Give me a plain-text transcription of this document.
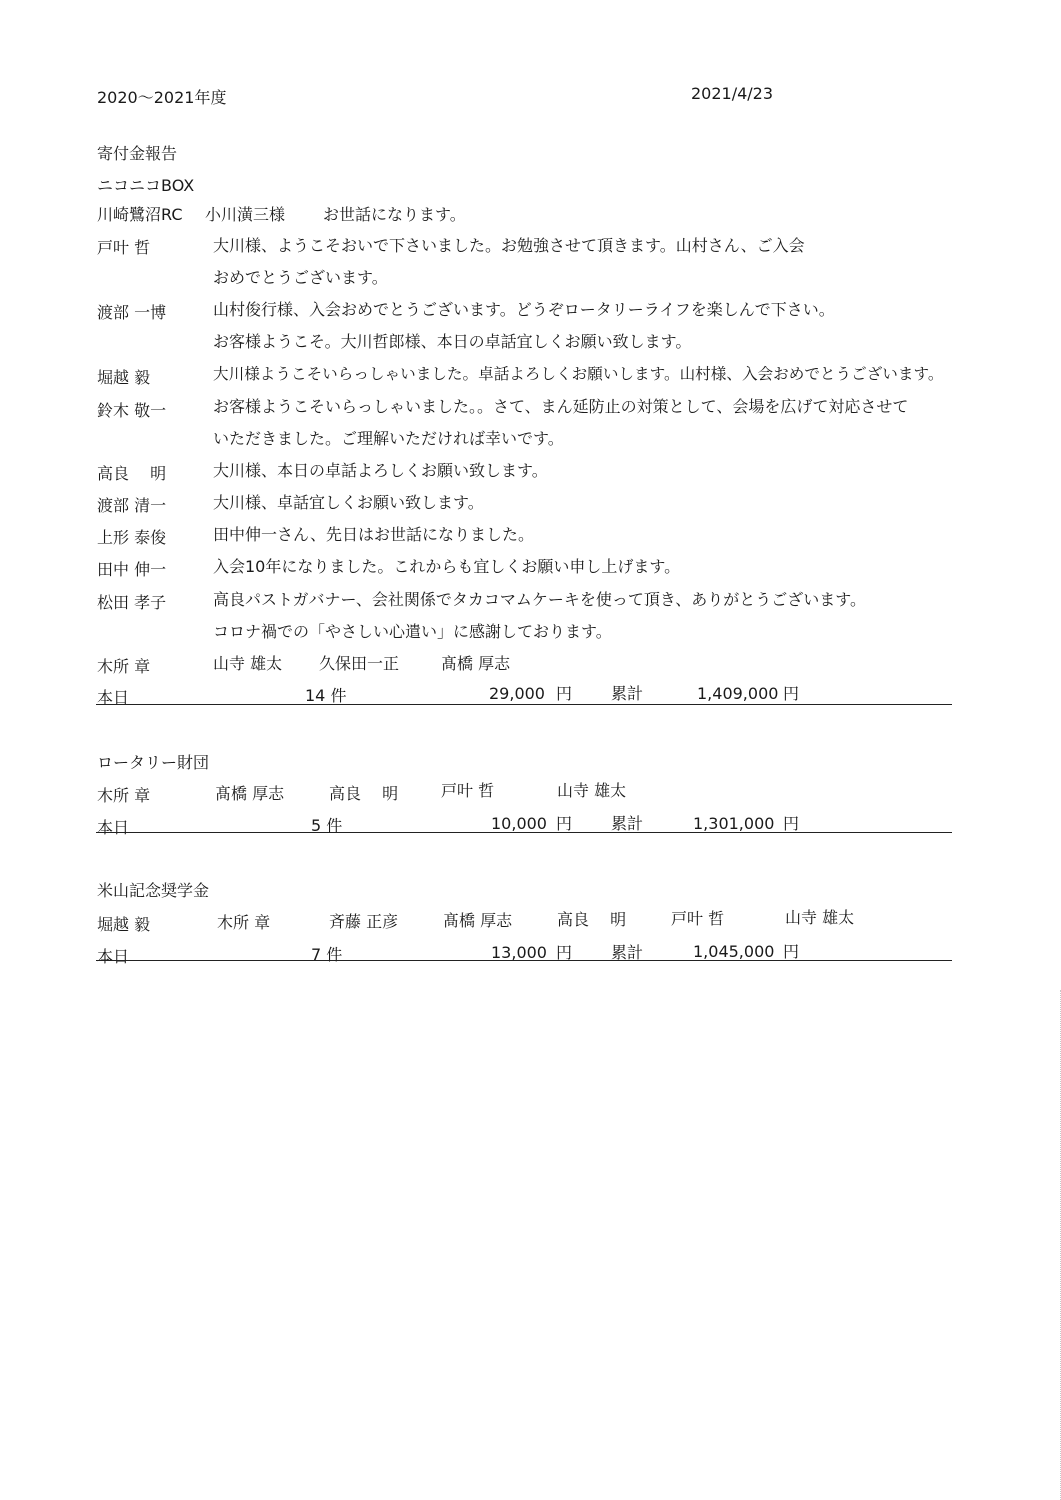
2020～2021年度	2021/4/23
寄付金報告
ニコニコBOX
川崎鷺沼RC 小川潢三様 お世話になります。
戸叶 哲	大川様、ようこそおいで下さいました。お勉強させて頂きます。山村さん、ご入会
おめでとうございます。
渡部 一博	山村俊行様、入会おめでとうございます。どうぞロータリーライフを楽しんで下さい。
お客様ようこそ。大川哲郎様、本日の卓話宜しくお願い致します。
堀越 毅	大川様ようこそいらっしゃいました。卓話よろしくお願いします。山村様、入会おめでとうございます。
鈴木 敬一	お客様ようこそいらっしゃいました。。さて、まん延防止の対策として、会場を広げて対応させて
いただきました。ご理解いただければ幸いです。
高良 　明	大川様、本日の卓話よろしくお願い致します。
渡部 清一	大川様、卓話宜しくお願い致します。
上形 泰俊	田中伸一さん、先日はお世話になりました。
田中 伸一	入会10年になりました。これからも宜しくお願い申し上げます。
松田 孝子	高良パストガバナー、会社関係でタカコマムケーキを使って頂き、ありがとうございます。
コロナ禍での「やさしい心遣い」に感謝しております。
木所 章	山寺 雄太 久保田一正	髙橋 厚志
本日	14 件	29,000 円 累計	1,409,000 円
ロータリー財団
木所 章	髙橋 厚志	高良 　明	戸叶 哲	山寺 雄太
本日	5 件	10,000 円 累計	1,301,000 円
米山記念奨学金
堀越 毅	木所 章	斉藤 正彦	髙橋 厚志	高良 　明	戸叶 哲	山寺 雄太
本日	7 件	13,000 円 累計	1,045,000 円
